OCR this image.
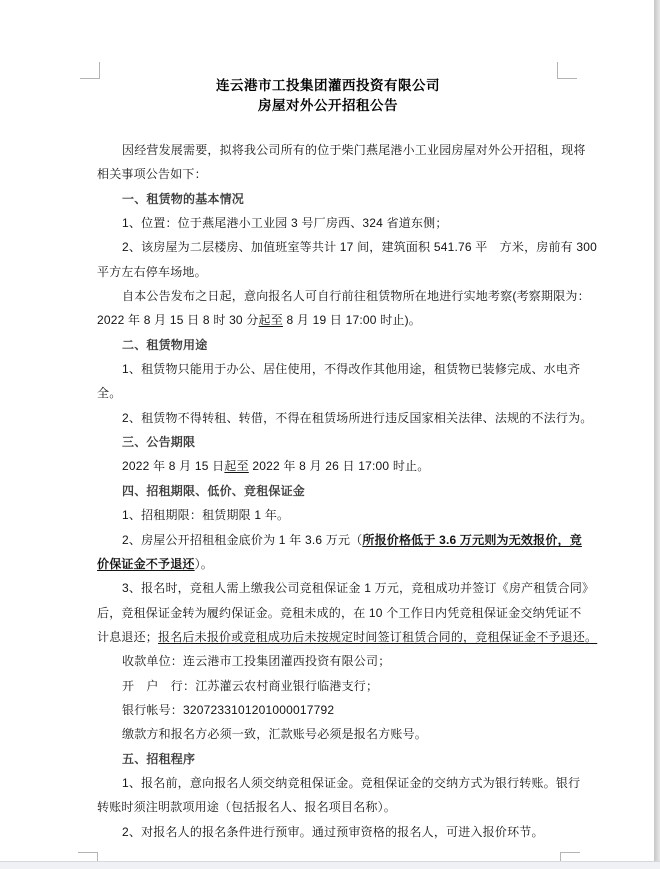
连云港市工投集团灌西投资有限公司
房屋对外公开招租公告
因经营发展需要，拟将我公司所有的位于柴门燕尾港小工业园房屋对外公开招租，现将
相关事项公告如下：
一、租赁物的基本情况
1、位置：位于燕尾港小工业园 3 号厂房西、324 省道东侧；
2、该房屋为二层楼房、加值班室等共计 17 间，建筑面积 541.76 平　方米，房前有 300
平方左右停车场地。
自本公告发布之日起，意向报名人可自行前往租赁物所在地进行实地考察(考察期限为：
2022 年 8 月 15 日 8 时 30 分起至 8 月 19 日 17:00 时止)。
二、租赁物用途
1、租赁物只能用于办公、居住使用，不得改作其他用途，租赁物已装修完成、水电齐
全。
2、租赁物不得转租、转借，不得在租赁场所进行违反国家相关法律、法规的不法行为。
三、公告期限
2022 年 8 月 15 日起至 2022 年 8 月 26 日 17:00 时止。
四、招租期限、低价、竞租保证金
1、招租期限：租赁期限 1 年。
2、房屋公开招租租金底价为 1 年 3.6 万元（所报价格低于 3.6 万元则为无效报价，竞
价保证金不予退还）。
3、报名时，竞租人需上缴我公司竞租保证金 1 万元，竞租成功并签订《房产租赁合同》
后，竞租保证金转为履约保证金。竞租未成的，在 10 个工作日内凭竞租保证金交纳凭证不
计息退还；报名后未报价或竞租成功后未按规定时间签订租赁合同的，竞租保证金不予退还。
收款单位：连云港市工投集团灌西投资有限公司；
开　户　行：江苏灌云农村商业银行临港支行；
银行帐号：3207233101201000017792
缴款方和报名方必须一致，汇款账号必须是报名方账号。
五、招租程序
1、报名前，意向报名人须交纳竞租保证金。竞租保证金的交纳方式为银行转账。银行
转账时须注明款项用途（包括报名人、报名项目名称）。
2、对报名人的报名条件进行预审。通过预审资格的报名人，可进入报价环节。
